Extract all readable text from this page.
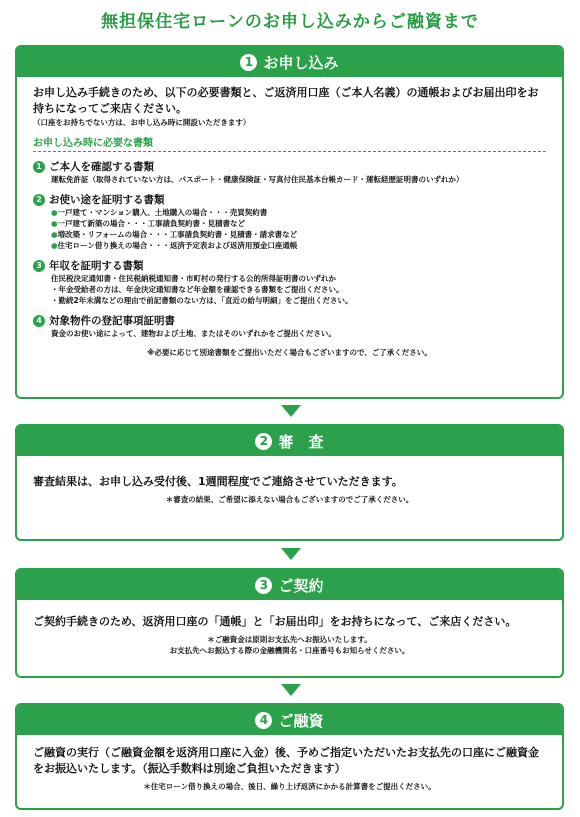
無担保住宅ローンのお申し込みからご融資まで
1 お申し込み
お申し込み手続きのため、以下の必要書類と、ご返済用口座（ご本人名義）の通帳およびお届出印をお持ちになってご来店ください。
（口座をお持ちでない方は、お申し込み時に開設いただきます）
お申し込み時に必要な書類
1 ご本人を確認する書類
運転免許証（取得されていない方は、パスポート・健康保険証・写真付住民基本台帳カード・運転経歴証明書のいずれか）
2 お使い途を証明する書類
●一戸建て・マンション購入、土地購入の場合・・・売買契約書
●一戸建て新築の場合・・・工事請負契約書・見積書など
●増改築・リフォームの場合・・・工事請負契約書・見積書・請求書など
●住宅ローン借り換えの場合・・・返済予定表および返済用預金口座通帳
3 年収を証明する書類
住民税決定通知書・住民税納税通知書・市町村の発行する公的所得証明書のいずれか
・年金受給者の方は、年金決定通知書など年金額を確認できる書類をご提出ください。
・勤続2年未満などの理由で前記書類のない方は、「直近の給与明細」をご提出ください。
4 対象物件の登記事項証明書
資金のお使い途によって、建物および土地、またはそのいずれかをご提出ください。
※必要に応じて別途書類をご提出いただく場合もございますので、ご了承ください。
2 審　査
審査結果は、お申し込み受付後、1週間程度でご連絡させていただきます。
＊審査の結果、ご希望に添えない場合もございますのでご了承ください。
3 ご契約
ご契約手続きのため、返済用口座の「通帳」と「お届出印」をお持ちになって、ご来店ください。
＊ご融資金は原則お支払先へお振込いたします。
お支払先へお振込する際の金融機関名・口座番号もお知らせください。
4 ご融資
ご融資の実行（ご融資金額を返済用口座に入金）後、予めご指定いただいたお支払先の口座にご融資金をお振込いたします。（振込手数料は別途ご負担いただきます）
＊住宅ローン借り換えの場合、後日、繰り上げ返済にかかる計算書をご提出ください。
